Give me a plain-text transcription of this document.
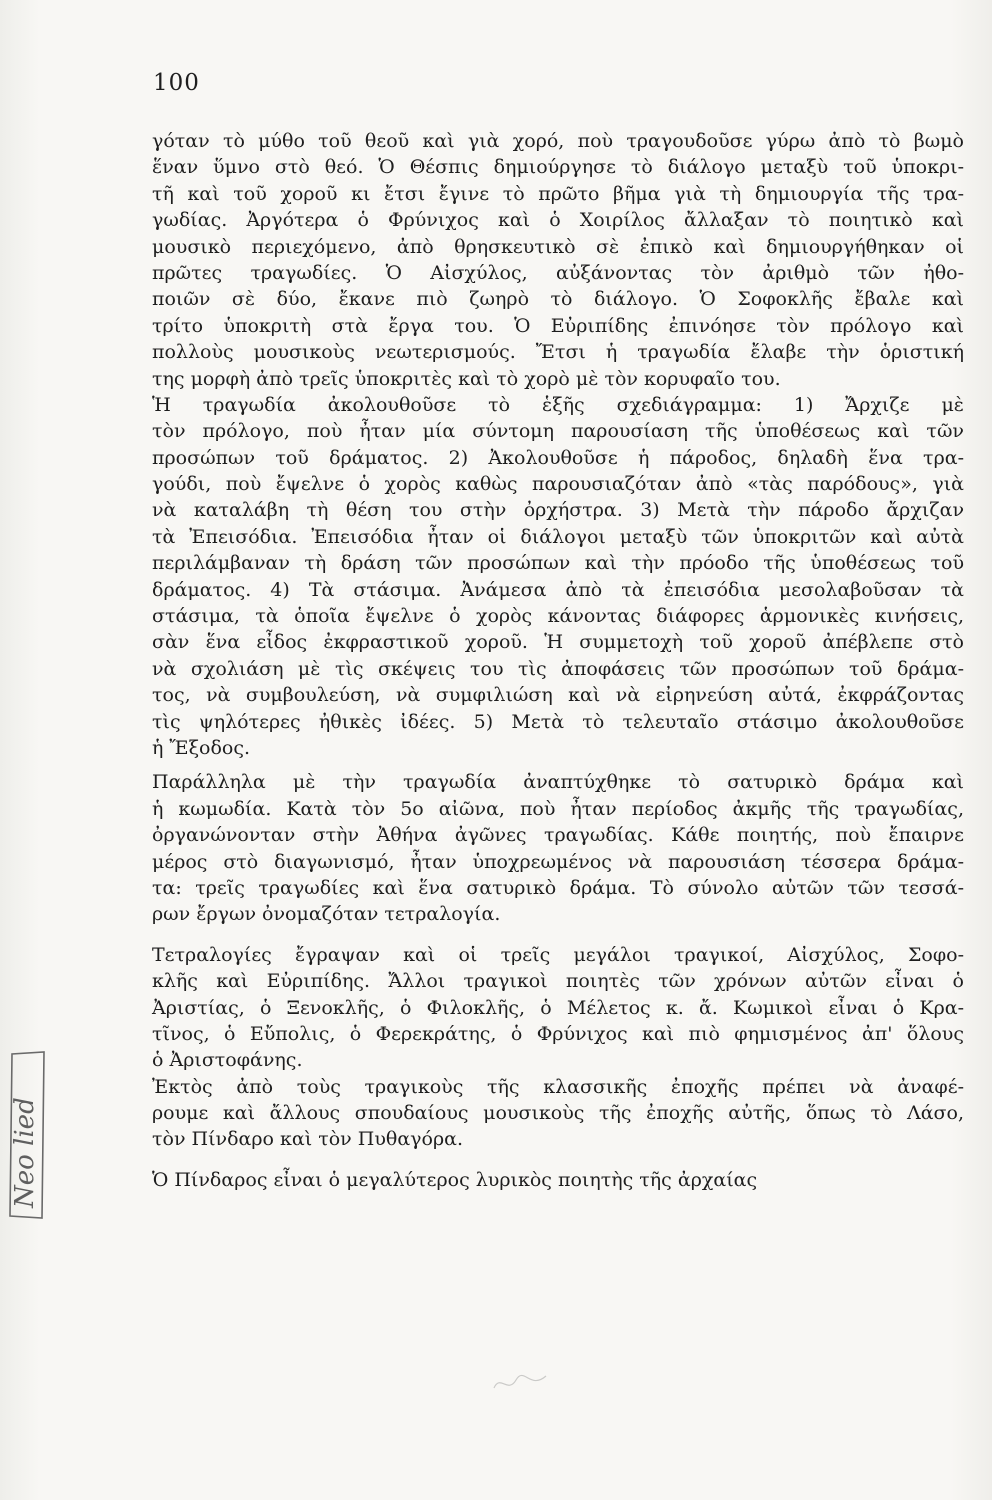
100
γόταν τὸ μύθο τοῦ θεοῦ καὶ γιὰ χορό, ποὺ τραγουδοῦσε γύρω ἀπὸ τὸ βωμὸ
ἕναν ὕμνο στὸ θεό. Ὁ Θέσπις δημιούργησε τὸ διάλογο μεταξὺ τοῦ ὑποκρι-
τῆ καὶ τοῦ χοροῦ κι ἔτσι ἔγινε τὸ πρῶτο βῆμα γιὰ τὴ δημιουργία τῆς τρα-
γωδίας. Ἀργότερα ὁ Φρύνιχος καὶ ὁ Χοιρίλος ἄλλαξαν τὸ ποιητικὸ καὶ
μουσικὸ περιεχόμενο, ἀπὸ θρησκευτικὸ σὲ ἐπικὸ καὶ δημιουργήθηκαν οἱ
πρῶτες τραγωδίες. Ὁ Αἰσχύλος, αὐξάνοντας τὸν ἀριθμὸ τῶν ἠθο-
ποιῶν σὲ δύο, ἔκανε πιὸ ζωηρὸ τὸ διάλογο. Ὁ Σοφοκλῆς ἔβαλε καὶ
τρίτο ὑποκριτὴ στὰ ἔργα του. Ὁ Εὐριπίδης ἐπινόησε τὸν πρόλογο καὶ
πολλοὺς μουσικοὺς νεωτερισμούς. Ἔτσι ἡ τραγωδία ἔλαβε τὴν ὁριστική
της μορφὴ ἀπὸ τρεῖς ὑποκριτὲς καὶ τὸ χορὸ μὲ τὸν κορυφαῖο του.
Ἡ τραγωδία ἀκολουθοῦσε τὸ ἑξῆς σχεδιάγραμμα: 1) Ἄρχιζε μὲ
τὸν πρόλογο, ποὺ ἦταν μία σύντομη παρουσίαση τῆς ὑποθέσεως καὶ τῶν
προσώπων τοῦ δράματος. 2) Ἀκολουθοῦσε ἡ πάροδος, δηλαδὴ ἕνα τρα-
γούδι, ποὺ ἔψελνε ὁ χορὸς καθὼς παρουσιαζόταν ἀπὸ «τὰς παρόδους», γιὰ
νὰ καταλάβη τὴ θέση του στὴν ὀρχήστρα. 3) Μετὰ τὴν πάροδο ἄρχιζαν
τὰ Ἐπεισόδια. Ἐπεισόδια ἦταν οἱ διάλογοι μεταξὺ τῶν ὑποκριτῶν καὶ αὐτὰ
περιλάμβαναν τὴ δράση τῶν προσώπων καὶ τὴν πρόοδο τῆς ὑποθέσεως τοῦ
δράματος. 4) Τὰ στάσιμα. Ἀνάμεσα ἀπὸ τὰ ἐπεισόδια μεσολαβοῦσαν τὰ
στάσιμα, τὰ ὁποῖα ἔψελνε ὁ χορὸς κάνοντας διάφορες ἁρμονικὲς κινήσεις,
σὰν ἕνα εἶδος ἐκφραστικοῦ χοροῦ. Ἡ συμμετοχὴ τοῦ χοροῦ ἀπέβλεπε στὸ
νὰ σχολιάση μὲ τὶς σκέψεις του τὶς ἀποφάσεις τῶν προσώπων τοῦ δράμα-
τος, νὰ συμβουλεύση, νὰ συμφιλιώση καὶ νὰ εἰρηνεύση αὐτά, ἐκφράζοντας
τὶς ψηλότερες ἠθικὲς ἰδέες. 5) Μετὰ τὸ τελευταῖο στάσιμο ἀκολουθοῦσε
ἡ Ἔξοδος.
Παράλληλα μὲ τὴν τραγωδία ἀναπτύχθηκε τὸ σατυρικὸ δράμα καὶ
ἡ κωμωδία. Κατὰ τὸν 5ο αἰῶνα, ποὺ ἦταν περίοδος ἀκμῆς τῆς τραγωδίας,
ὀργανώνονταν στὴν Ἀθήνα ἀγῶνες τραγωδίας. Κάθε ποιητής, ποὺ ἔπαιρνε
μέρος στὸ διαγωνισμό, ἦταν ὑποχρεωμένος νὰ παρουσιάση τέσσερα δράμα-
τα: τρεῖς τραγωδίες καὶ ἕνα σατυρικὸ δράμα. Τὸ σύνολο αὐτῶν τῶν τεσσά-
ρων ἔργων ὀνομαζόταν τετραλογία.
Τετραλογίες ἔγραψαν καὶ οἱ τρεῖς μεγάλοι τραγικοί, Αἰσχύλος, Σοφο-
κλῆς καὶ Εὐριπίδης. Ἄλλοι τραγικοὶ ποιητὲς τῶν χρόνων αὐτῶν εἶναι ὁ
Ἀριστίας, ὁ Ξενοκλῆς, ὁ Φιλοκλῆς, ὁ Μέλετος κ. ἄ. Κωμικοὶ εἶναι ὁ Κρα-
τῖνος, ὁ Εὔπολις, ὁ Φερεκράτης, ὁ Φρύνιχος καὶ πιὸ φημισμένος ἀπ' ὅλους
ὁ Ἀριστοφάνης.
Ἐκτὸς ἀπὸ τοὺς τραγικοὺς τῆς κλασσικῆς ἐποχῆς πρέπει νὰ ἀναφέ-
ρουμε καὶ ἄλλους σπουδαίους μουσικοὺς τῆς ἐποχῆς αὐτῆς, ὅπως τὸ Λάσο,
τὸν Πίνδαρο καὶ τὸν Πυθαγόρα.
Ὁ Πίνδαρος εἶναι ὁ μεγαλύτερος λυρικὸς ποιητὴς τῆς ἀρχαίας
Neo lied
